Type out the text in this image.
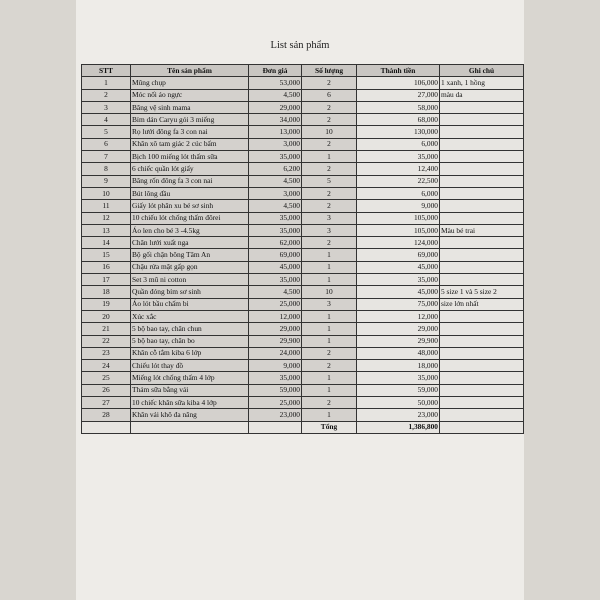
List sản phẩm
STT	Tên sản phẩm	Đơn giá	Số lượng	Thành tiền	Ghi chú
1	Mũng chụp	53,000	2	106,000	1 xanh, 1 hồng
2	Móc nối áo ngực	4,500	6	27,000	màu da
3	Băng vệ sinh mama	29,000	2	58,000	
4	Bỉm dán Caryu gói 3 miếng	34,000	2	68,000	
5	Rọ lưới đông fa 3 con nai	13,000	10	130,000	
6	Khăn xô tam giác 2 cúc bấm	3,000	2	6,000	
7	Bịch 100 miếng lót thấm sữa	35,000	1	35,000	
8	6 chiếc quần lót giấy	6,200	2	12,400	
9	Băng rốn đông fa 3 con nai	4,500	5	22,500	
10	Bút lông đầu	3,000	2	6,000	
11	Giấy lót phân xu bé sơ sinh	4,500	2	9,000	
12	10 chiếu lót chống thấm đôrei	35,000	3	105,000	
13	Áo len cho bé 3 -4.5kg	35,000	3	105,000	Màu bé trai
14	Chăn lưới xuất nga	62,000	2	124,000	
15	Bộ gối chặn bông Tâm An	69,000	1	69,000	
16	Chậu rửa mặt gấp gọn	45,000	1	45,000	
17	Set 3 mũ ni cotton	35,000	1	35,000	
18	Quần đóng bỉm sơ sinh	4,500	10	45,000	5 size 1 và 5 size 2
19	Áo lót bầu chấm bi	25,000	3	75,000	size lớn nhất
20	Xúc xắc	12,000	1	12,000	
21	5 bộ bao tay, chân chun	29,000	1	29,000	
22	5 bộ bao tay, chân bo	29,900	1	29,900	
23	Khăn cỗ tắm kiba 6 lớp	24,000	2	48,000	
24	Chiếu lót thay đồ	9,000	2	18,000	
25	Miếng lót chống thấm 4 lớp	35,000	1	35,000	
26	Thảm sữa bằng vải	59,000	1	59,000	
27	10 chiếc khăn sữa kiba 4 lớp	25,000	2	50,000	
28	Khăn vải khô đa năng	23,000	1	23,000	
			Tổng	1,386,800	
